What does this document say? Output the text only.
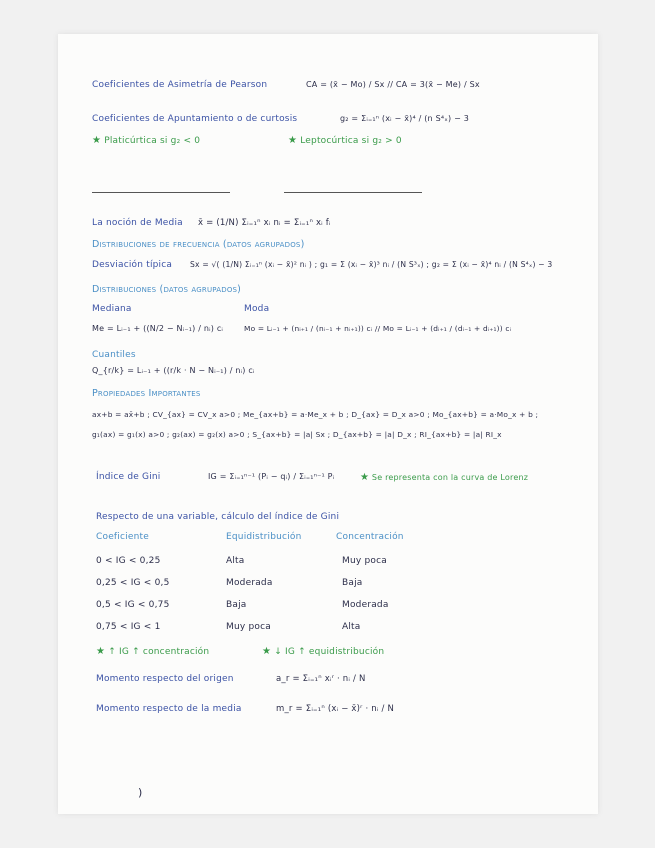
Coeficientes de Asimetría de Pearson	CA = (x̄ − Mo) / Sx // CA = 3(x̄ − Me) / Sx
Coeficientes de Apuntamiento o de curtosis	g₂ = Σᵢ₌₁ⁿ (xᵢ − x̄)⁴ / (n S⁴ₓ) − 3
★ Platicúrtica si g₂ < 0	★ Leptocúrtica si g₂ > 0
La noción de Media x̄ = (1/N) Σᵢ₌₁ⁿ xᵢ nᵢ = Σᵢ₌₁ⁿ xᵢ fᵢ
Distribuciones de frecuencia (datos agrupados)
Desviación típica Sx = √( (1/N) Σᵢ₌₁ⁿ (xᵢ − x̄)² nᵢ ) ; g₁ = Σ (xᵢ − x̄)³ nᵢ / (N S³ₓ) ; g₂ = Σ (xᵢ − x̄)⁴ nᵢ / (N S⁴ₓ) − 3
Distribuciones (datos agrupados)
Mediana	Moda
Me = Lᵢ₋₁ + ((N/2 − Nᵢ₋₁) / nᵢ) cᵢ	Mo = Lᵢ₋₁ + (nᵢ₊₁ / (nᵢ₋₁ + nᵢ₊₁)) cᵢ // Mo = Lᵢ₋₁ + (dᵢ₊₁ / (dᵢ₋₁ + dᵢ₊₁)) cᵢ
Cuantiles
Q_{r/k} = Lᵢ₋₁ + ((r/k · N − Nᵢ₋₁) / nᵢ) cᵢ
Propiedades Importantes
ax+b = ax̄+b ; CV_{ax} = CV_x a>0 ; Me_{ax+b} = a·Me_x + b ; D_{ax} = D_x a>0 ; Mo_{ax+b} = a·Mo_x + b ;
g₁(ax) = g₁(x) a>0 ; g₂(ax) = g₂(x) a>0 ; S_{ax+b} = |a| Sx ; D_{ax+b} = |a| D_x ; RI_{ax+b} = |a| RI_x
Índice de Gini	IG = Σᵢ₌₁ⁿ⁻¹ (Pᵢ − qᵢ) / Σᵢ₌₁ⁿ⁻¹ Pᵢ	★ Se representa con la curva de Lorenz
Respecto de una variable, cálculo del índice de Gini
Coeficiente	Equidistribución	Concentración
0 < IG < 0,25	Alta	Muy poca
0,25 < IG < 0,5	Moderada	Baja
0,5 < IG < 0,75	Baja	Moderada
0,75 < IG < 1	Muy poca	Alta
★ ↑ IG ↑ concentración	★ ↓ IG ↑ equidistribución
Momento respecto del origen	a_r = Σᵢ₌₁ⁿ xᵢʳ · nᵢ / N
Momento respecto de la media	m_r = Σᵢ₌₁ⁿ (xᵢ − x̄)ʳ · nᵢ / N
)
